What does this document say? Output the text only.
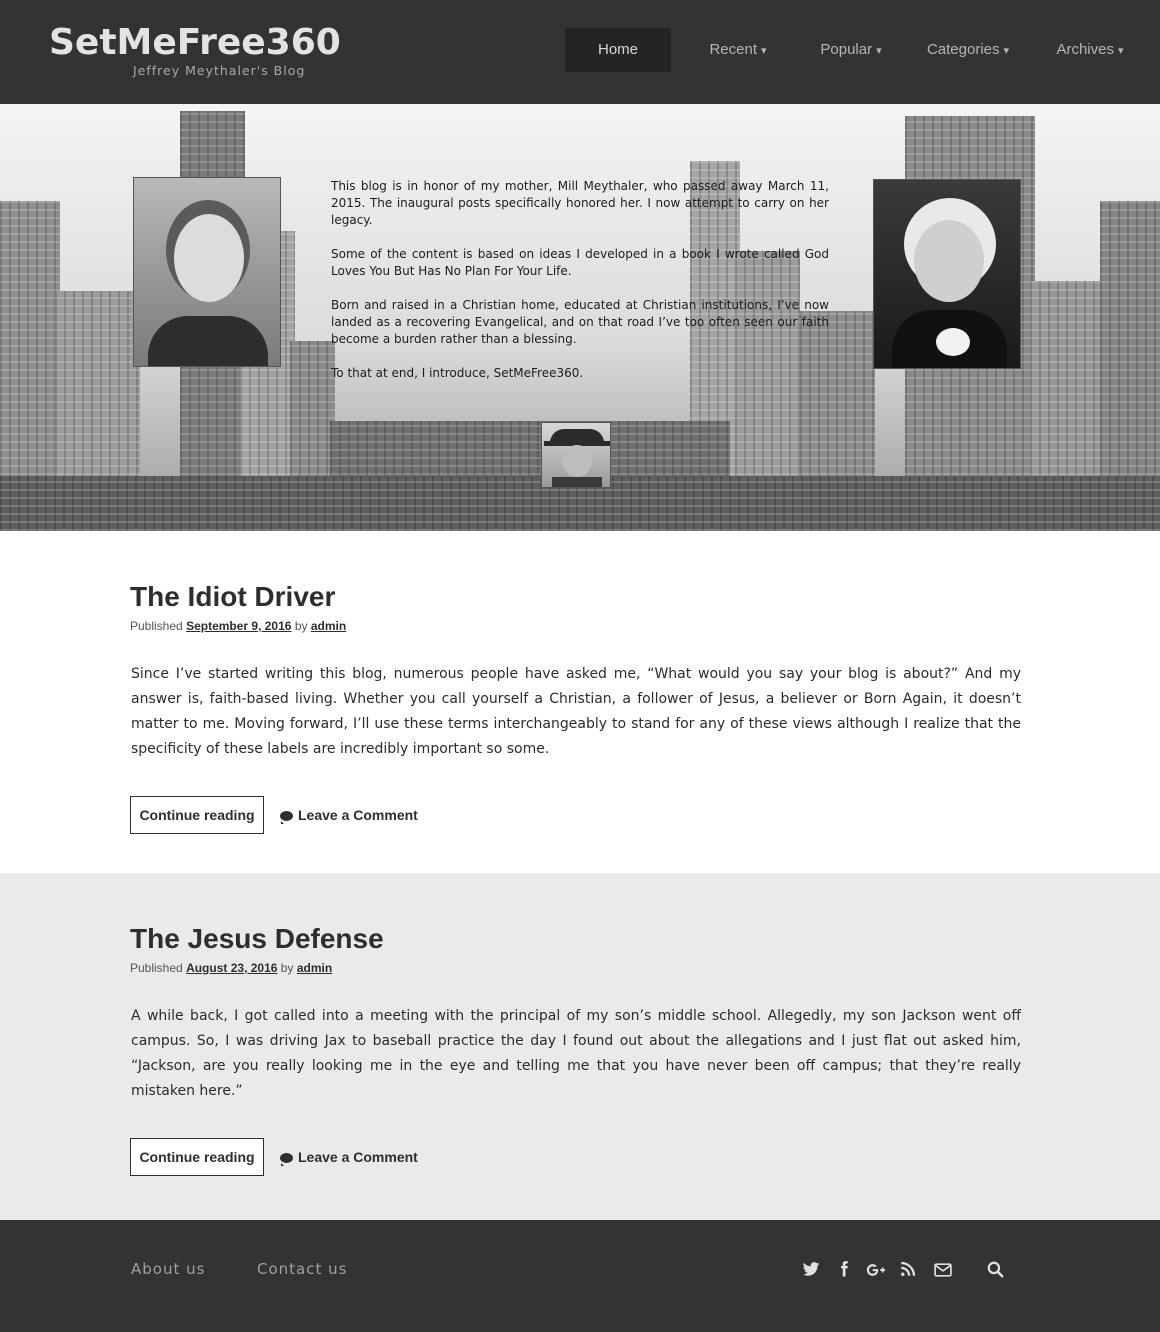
SetMeFree360
Jeffrey Meythaler's Blog
Home	Recent ▾	Popular ▾	Categories ▾	Archives ▾

This blog is in honor of my mother, Mill Meythaler, who passed away March 11, 2015. The inaugural posts specifically honored her. I now attempt to carry on her legacy.

Some of the content is based on ideas I developed in a book I wrote called God Loves You But Has No Plan For Your Life.

Born and raised in a Christian home, educated at Christian institutions, I’ve now landed as a recovering Evangelical, and on that road I’ve too often seen our faith become a burden rather than a blessing.

To that at end, I introduce, SetMeFree360.

The Idiot Driver
Published September 9, 2016 by admin
Since I’ve started writing this blog, numerous people have asked me, “What would you say your blog is about?” And my answer is, faith-based living. Whether you call yourself a Christian, a follower of Jesus, a believer or Born Again, it doesn’t matter to me. Moving forward, I’ll use these terms interchangeably to stand for any of these views although I realize that the specificity of these labels are incredibly important so some.
Continue reading	Leave a Comment
The Jesus Defense
Published August 23, 2016 by admin
A while back, I got called into a meeting with the principal of my son’s middle school. Allegedly, my son Jackson went off campus. So, I was driving Jax to baseball practice the day I found out about the allegations and I just flat out asked him, “Jackson, are you really looking me in the eye and telling me that you have never been off campus; that they’re really mistaken here.”
Continue reading	Leave a Comment
About us	Contact us
